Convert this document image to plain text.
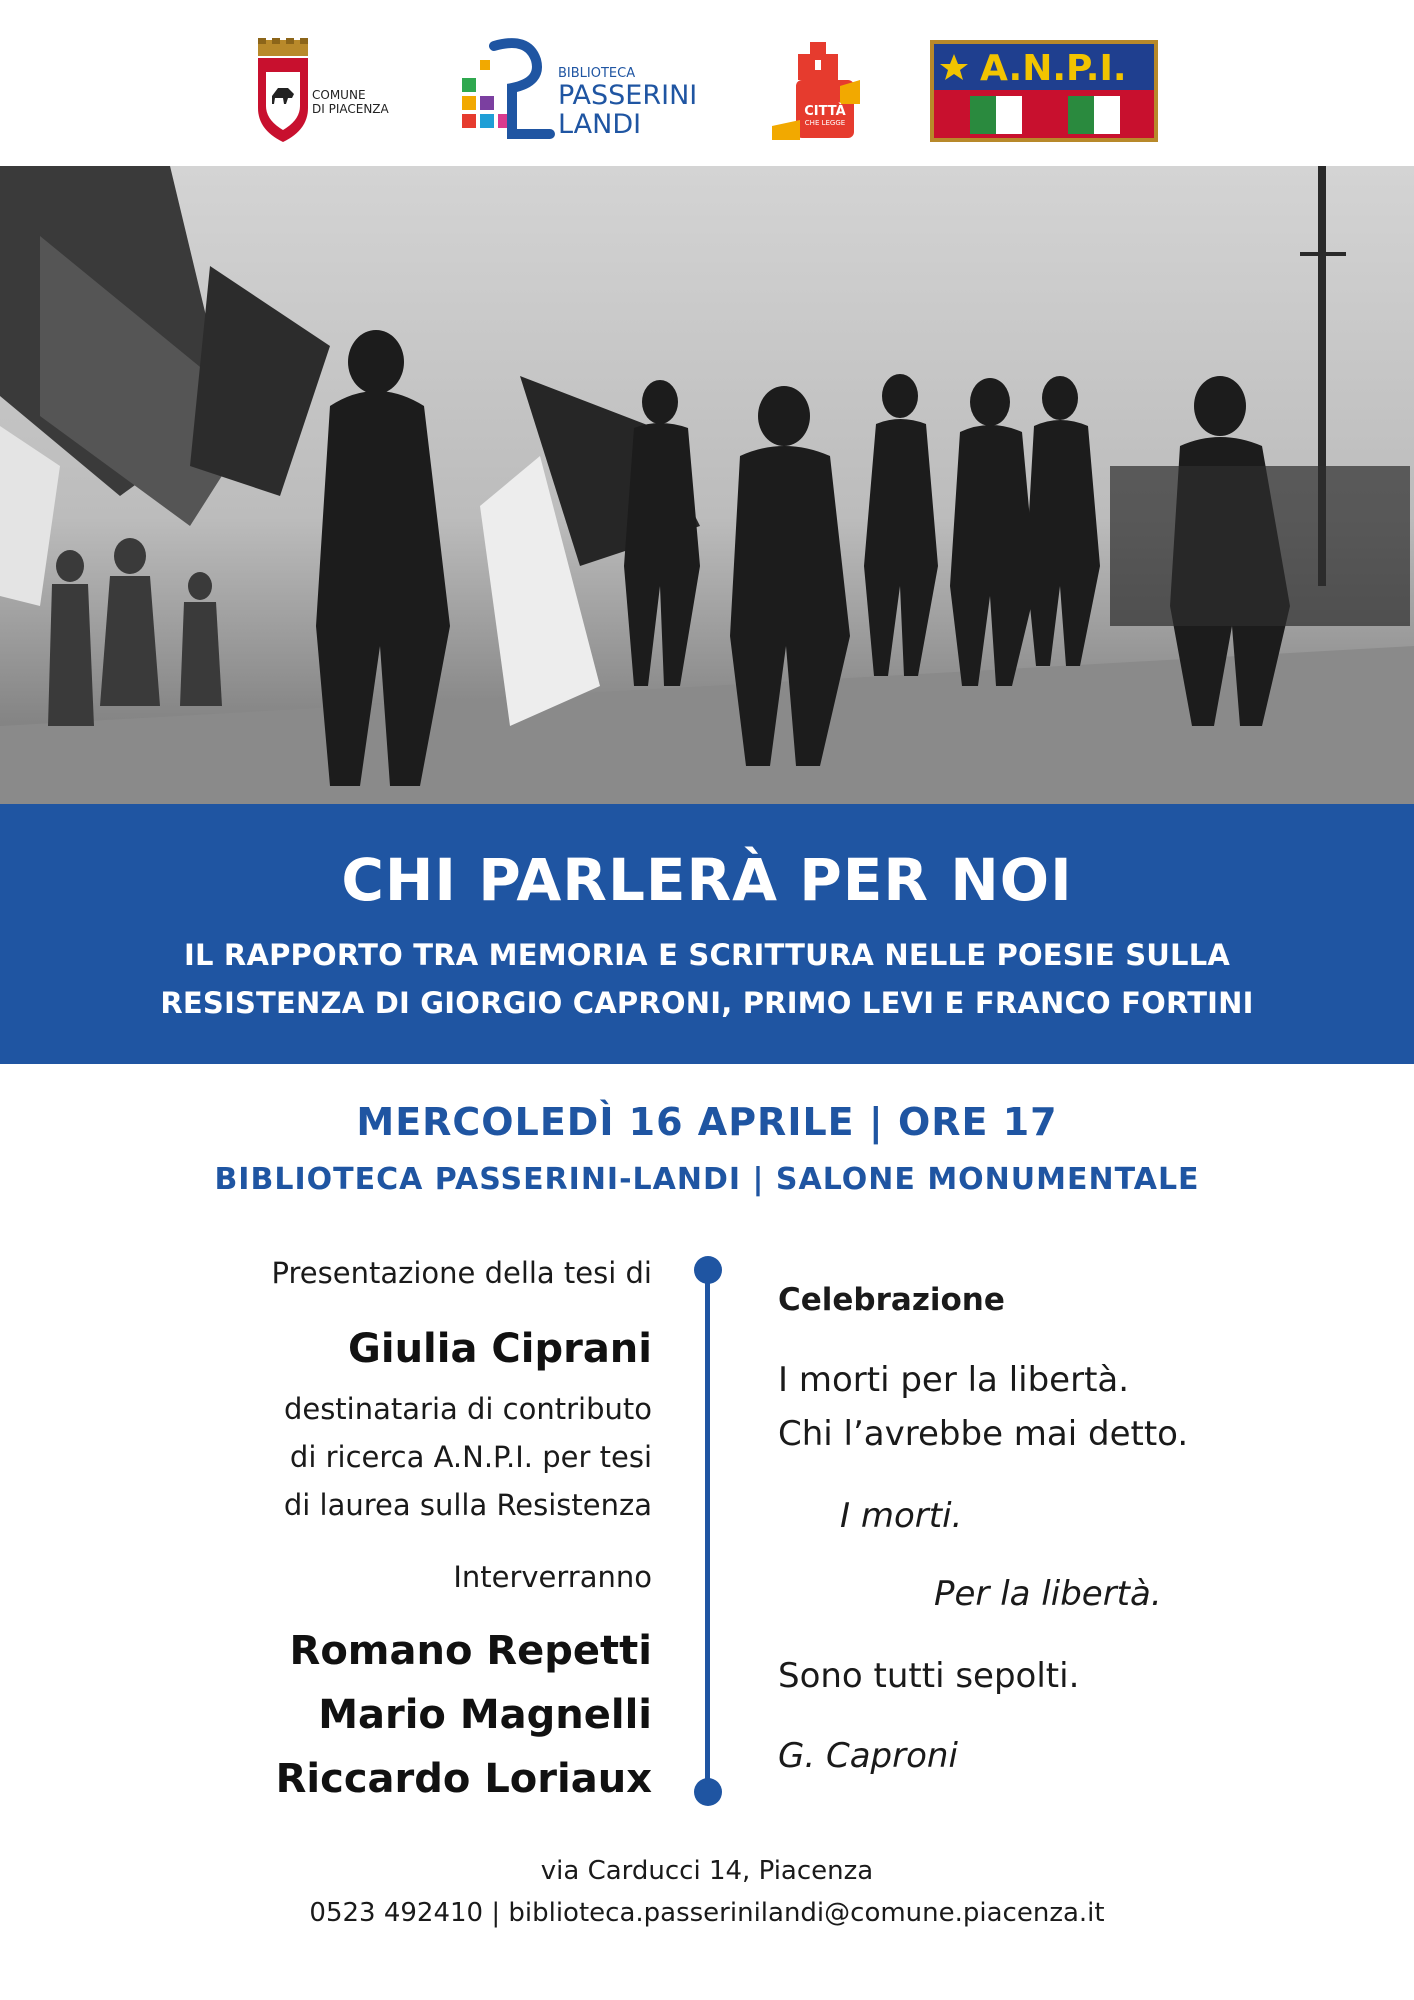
COMUNE
DI PIACENZA
BIBLIOTECA
PASSERINI
LANDI	CITTÀ
CHE LEGGE
A.N.P.I.
CHI PARLERÀ PER NOI
IL RAPPORTO TRA MEMORIA E SCRITTURA NELLE POESIE SULLA
RESISTENZA DI GIORGIO CAPRONI, PRIMO LEVI E FRANCO FORTINI
MERCOLEDÌ 16 APRILE | ORE 17
BIBLIOTECA PASSERINI-LANDI | SALONE MONUMENTALE
Presentazione della tesi di
Giulia Ciprani
destinataria di contributo
di ricerca A.N.P.I. per tesi
di laurea sulla Resistenza
Interverranno
Romano Repetti
Mario Magnelli
Riccardo Loriaux
Celebrazione
I morti per la libertà.
Chi l’avrebbe mai detto.
I morti.
Per la libertà.
Sono tutti sepolti.
G. Caproni
via Carducci 14, Piacenza
0523 492410 | biblioteca.passerinilandi@comune.piacenza.it
